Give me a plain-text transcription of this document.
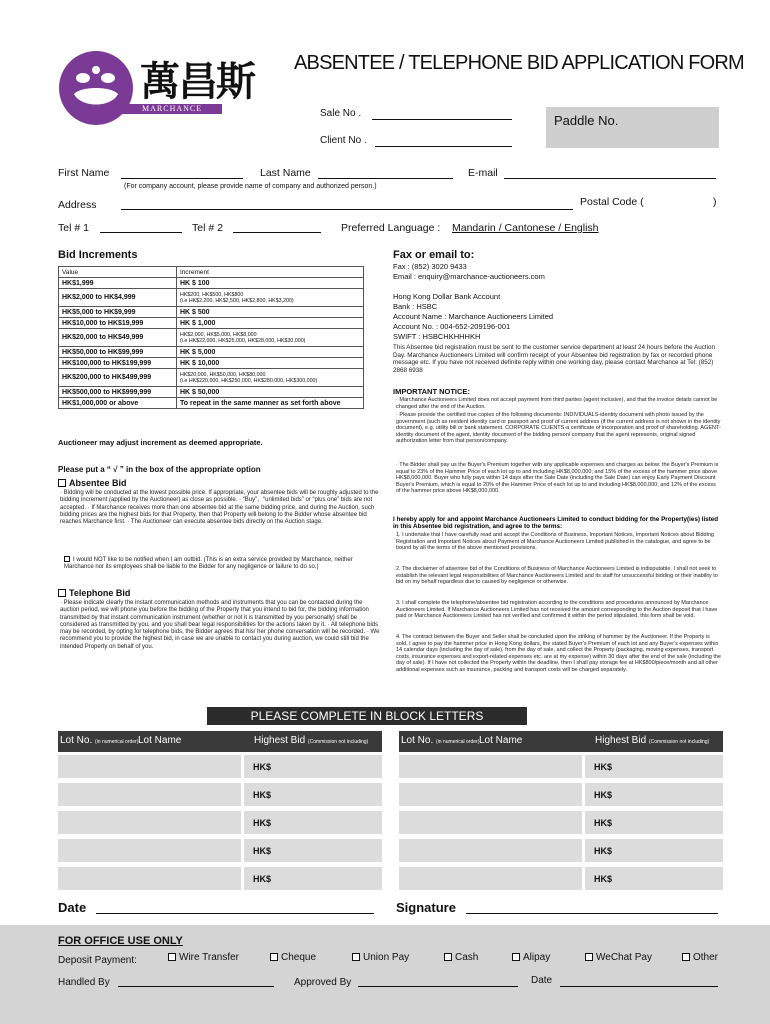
萬昌斯
MARCHANCE
ABSENTEE / TELEPHONE BID APPLICATION FORM
Sale No .
Client No .
Paddle No.
First Name	Last Name	E-mail
(For company account, please provide name of company and authorized person.)
Address	Postal Code (	)
Tel # 1	Tel # 2	Preferred Language : Mandarin / Cantonese / English
Bid Increments
Value	Increment
HK$1,999	HK $ 100
HK$2,000 to HK$4,999	HK$200, HK$500, HK$800
(i.e HK$2,200, HK$2,500, HK$2,800, HK$3,200)
HK$5,000 to HK$9,999	HK $ 500
HK$10,000 to HK$19,999	HK $ 1,000
HK$20,000 to HK$49,999	HK$2,000, HK$5,000, HK$8,000
(i.e HK$22,000, HK$25,000, HK$28,000, HK$30,000)
HK$50,000 to HK$99,999	HK $ 5,000
HK$100,000 to HK$199,999	HK $ 10,000
HK$200,000 to HK$499,999	HK$20,000, HK$50,000, HK$80,000
(i.e HK$220,000, HK$250,000, HK$280,000, HK$300,000)
HK$500,000 to HK$999,999	HK $ 50,000
HK$1,000,000 or above	To repeat in the same manner as set forth above
Auctioneer may adjust increment as deemed appropriate.
Please put a “ √ ” in the box of the appropriate option
Absentee Bid
· Bidding will be conducted at the lowest possible price. If appropriate, your absentee bids will be roughly adjusted to the bidding increment (applied by the Auctioneer) as close as possible. · “Buy”、“unlimited bids” or “plus one” bids are not accepted. · If Marchance receives more than one absentee bid at the same bidding price, and during the Auction, such bidding prices are the highest bids for that Property, then that Property will belong to the Bidder whose absentee bid reaches Marchance first. · The Auctioneer can execute absentee bids directly on the Auction stage.
I would NOT like to be notified when I am outbid. (This is an extra service provided by Marchance, neither Marchance nor its employees shall be liable to the Bidder for any negligence or failure to do so.)
Telephone Bid
· Please indicate clearly the instant communication methods and instruments that you can be contacted during the auction period, we will phone you before the bidding of the Property that you intend to bid for, the bidding information transmitted by that instant communication instrument (whether or not it is transmitted by you personally) shall be considered as transmitted by you, and you shall bear legal responsibilities for the actions taken by it. · All telephone bids may be recorded, by opting for telephone bids, the Bidder agrees that his/ her phone conversation will be recorded. · We recommend you to provide the highest bid, in case we are unable to contact you during auction, we could still bid the intended Property on behalf of you.
Fax or email to:
Fax : (852) 3020 9433
Email : enquiry@marchance-auctioneers.com
Hong Kong Dollar Bank Account
Bank : HSBC
Account Name : Marchance Auctioneers Limited
Account No. : 004-652-209196-001
SWIFT : HSBCHKHHHKH
This Absentee bid registration must be sent to the customer service department at least 24 hours before the Auction Day. Marchance Auctioneers Limited will confirm receipt of your Absentee bid registration by fax or recorded phone message etc. If you have not received definite reply within one working day, please contact Marchance at Tel: (852) 2868 6938
IMPORTANT NOTICE:
· Marchance Auctioneers Limited does not accept payment from third parties (agent inclusive), and that the invoice details cannot be changed after the end of the Auction.
· Please provide the certified true copies of the following documents: INDIVIDUALS-identity document with photo issued by the government (such as resident identity card or passport and proof of current address (if the current address is not shown in the identity document), e.g. utility bill or bank statement. CORPORATE CLIENTS-a certificate of incorporation and proof of shareholding. AGENT-identity document of the agent, identity document of the bidding person/ company that the agent represents, original signed authorization letter from that person/company.
· The Bidder shall pay us the Buyer's Premium together with any applicable expenses and charges as below: the Buyer's Premium is equal to 23% of the Hammer Price of each lot up to and including HK$8,000,000; and 15% of the excess of the hammer price above HK$8,000,000. Buyer who fully pays within 14 days after the Sale Date (including the Sale Date) can enjoy Early Payment Discount Buyer's Premium, which is equal to 20% of the Hammer Price of each lot up to and including HK$8,000,000; and 12% of the excess of the hammer price above HK$8,000,000.
I hereby apply for and appoint Marchance Auctioneers Limited to conduct bidding for the Property(ies) listed in this Absentee bid registration, and agree to the terms:
1. I undertake that I have carefully read and accept the Conditions of Business, Important Notices, Important Notices about Bidding Registration and Important Notices about Payment of Marchance Auctioneers Limited published in the catalogue, and agree to be bound by all the terms of the above mentioned provisions.
2. The disclaimer of absentee bid of the Conditions of Business of Marchance Auctioneers Limited is indisputable. I shall not seek to establish the relevant legal responsibilities of Marchance Auctioneers Limited and its staff for unsuccessful bidding or their inability to bid on my behalf regardless due to caused by negligence or otherwise.
3. I shall complete the telephone/absentee bid registration according to the conditions and procedures announced by Marchance Auctioneers Limited. If Marchance Auctioneers Limited has not received the amount corresponding to the Auction deposit that I have paid or Marchance Auctioneers Limited has not verified and confirmed it within the period stipulated, this form shall be void.
4. The contract between the Buyer and Seller shall be concluded upon the striking of hammer by the Auctioneer. If the Property is sold, I agree to pay the hammer price in Hong Kong dollars, the stated Buyer's Premium of each lot and any Buyer's expenses within 14 calendar days (including the day of sale), from the day of sale, and collect the Property (packaging, moving expenses, transport costs, insurance expenses and export-related expenses etc. are at my expense) within 30 days after the end of the sale (including the day of sale). If I have not collected the Property within the deadline, then I shall pay storage fee at HK$800/piece/month and all other additional expenses such as insurance, packing and transport costs will be charged separately.
PLEASE COMPLETE IN BLOCK LETTERS
Lot No. (in numerical order) Lot Name	Highest Bid (Commission not including)
HK$
HK$
HK$
HK$
HK$
Lot No. (in numerical order) Lot Name	Highest Bid (Commission not including)
HK$
HK$
HK$
HK$
HK$
Date	Signature
FOR OFFICE USE ONLY
Deposit Payment:	Wire Transfer	Cheque	Union Pay	Cash	Alipay	WeChat Pay	Other
Handled By	Approved By	Date
